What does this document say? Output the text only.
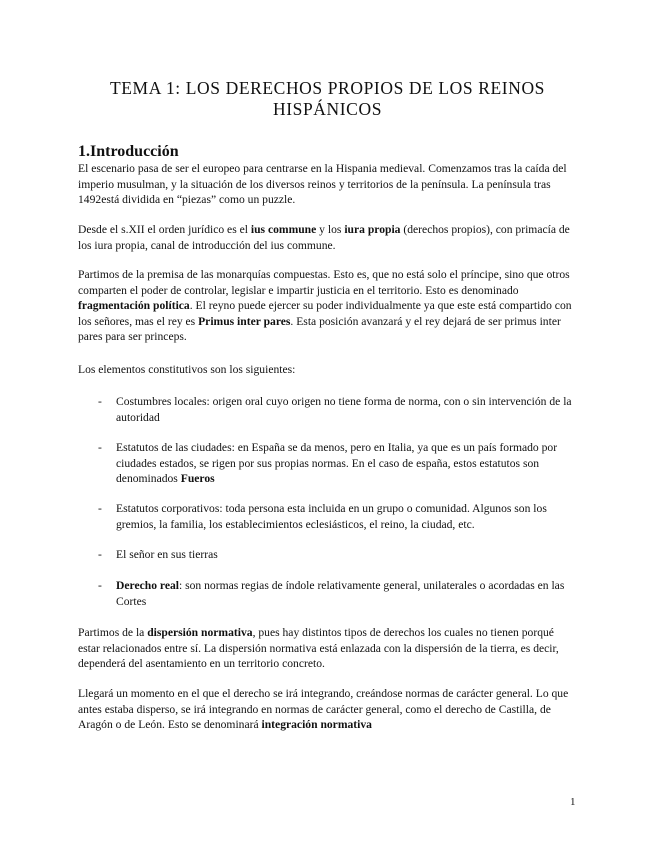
TEMA 1: LOS DERECHOS PROPIOS DE LOS REINOS HISPÁNICOS
1.Introducción

El escenario pasa de ser el europeo para centrarse en la Hispania medieval. Comenzamos tras la caída del imperio musulman, y la situación de los diversos reinos y territorios de la península. La península tras 1492está dividida en “piezas” como un puzzle.

Desde el s.XII el orden jurídico es el ius commune y los iura propia (derechos propios), con primacía de los iura propia, canal de introducción del ius commune.

Partimos de la premisa de las monarquías compuestas. Esto es, que no está solo el príncipe, sino que otros comparten el poder de controlar, legislar e impartir justicia en el territorio. Esto es denominado fragmentación política. El reyno puede ejercer su poder individualmente ya que este está compartido con los señores, mas el rey es Primus inter pares. Esta posición avanzará y el rey dejará de ser primus inter pares para ser princeps.

Los elementos constitutivos son los siguientes:

-	Costumbres locales: origen oral cuyo origen no tiene forma de norma, con o sin intervención de la autoridad
-	Estatutos de las ciudades: en España se da menos, pero en Italia, ya que es un país formado por ciudades estados, se rigen por sus propias normas. En el caso de españa, estos estatutos son denominados Fueros
-	Estatutos corporativos: toda persona esta incluida en un grupo o comunidad. Algunos son los gremios, la familia, los establecimientos eclesiásticos, el reino, la ciudad, etc.
-	El señor en sus tierras
-	Derecho real: son normas regias de índole relativamente general, unilaterales o acordadas en las Cortes

Partimos de la dispersión normativa, pues hay distintos tipos de derechos los cuales no tienen porqué estar relacionados entre sí. La dispersión normativa está enlazada con la dispersión de la tierra, es decir, dependerá del asentamiento en un territorio concreto.

Llegará un momento en el que el derecho se irá integrando, creándose normas de carácter general. Lo que antes estaba disperso, se irá integrando en normas de carácter general, como el derecho de Castilla, de Aragón o de León. Esto se denominará integración normativa

1
